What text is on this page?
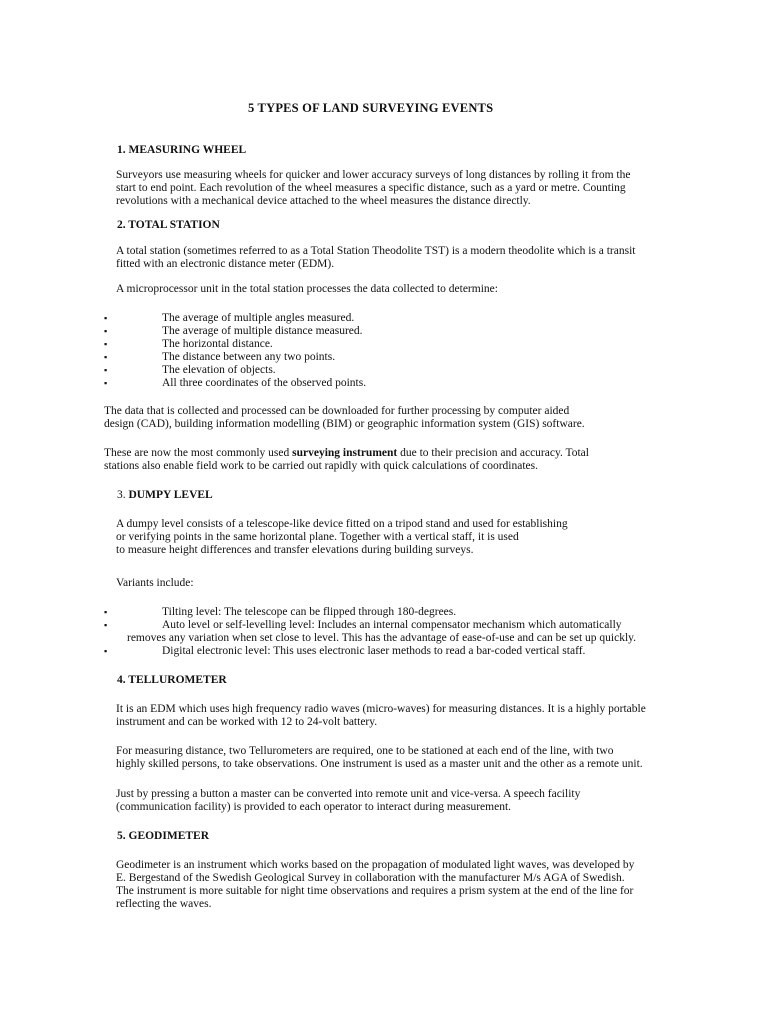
5 TYPES OF LAND SURVEYING EVENTS
1. MEASURING WHEEL
Surveyors use measuring wheels for quicker and lower accuracy surveys of long distances by rolling it from the
start to end point. Each revolution of the wheel measures a specific distance, such as a yard or metre. Counting
revolutions with a mechanical device attached to the wheel measures the distance directly.
2. TOTAL STATION
A total station (sometimes referred to as a Total Station Theodolite TST) is a modern theodolite which is a transit
fitted with an electronic distance meter (EDM).
A microprocessor unit in the total station processes the data collected to determine:
▪	The average of multiple angles measured.
▪	The average of multiple distance measured.
▪	The horizontal distance.
▪	The distance between any two points.
▪	The elevation of objects.
▪	All three coordinates of the observed points.
The data that is collected and processed can be downloaded for further processing by computer aided
design (CAD), building information modelling (BIM) or geographic information system (GIS) software.
These are now the most commonly used surveying instrument due to their precision and accuracy. Total
stations also enable field work to be carried out rapidly with quick calculations of coordinates.
3. DUMPY LEVEL
A dumpy level consists of a telescope-like device fitted on a tripod stand and used for establishing
or verifying points in the same horizontal plane. Together with a vertical staff, it is used
to measure height differences and transfer elevations during building surveys.
Variants include:
▪	Tilting level: The telescope can be flipped through 180-degrees.
▪	Auto level or self-levelling level: Includes an internal compensator mechanism which automatically
removes any variation when set close to level. This has the advantage of ease-of-use and can be set up quickly.
▪	Digital electronic level: This uses electronic laser methods to read a bar-coded vertical staff.
4. TELLUROMETER
It is an EDM which uses high frequency radio waves (micro-waves) for measuring distances. It is a highly portable
instrument and can be worked with 12 to 24-volt battery.
For measuring distance, two Tellurometers are required, one to be stationed at each end of the line, with two
highly skilled persons, to take observations. One instrument is used as a master unit and the other as a remote unit.
Just by pressing a button a master can be converted into remote unit and vice-versa. A speech facility
(communication facility) is provided to each operator to interact during measurement.
5. GEODIMETER
Geodimeter is an instrument which works based on the propagation of modulated light waves, was developed by
E. Bergestand of the Swedish Geological Survey in collaboration with the manufacturer M/s AGA of Swedish.
The instrument is more suitable for night time observations and requires a prism system at the end of the line for
reflecting the waves.
